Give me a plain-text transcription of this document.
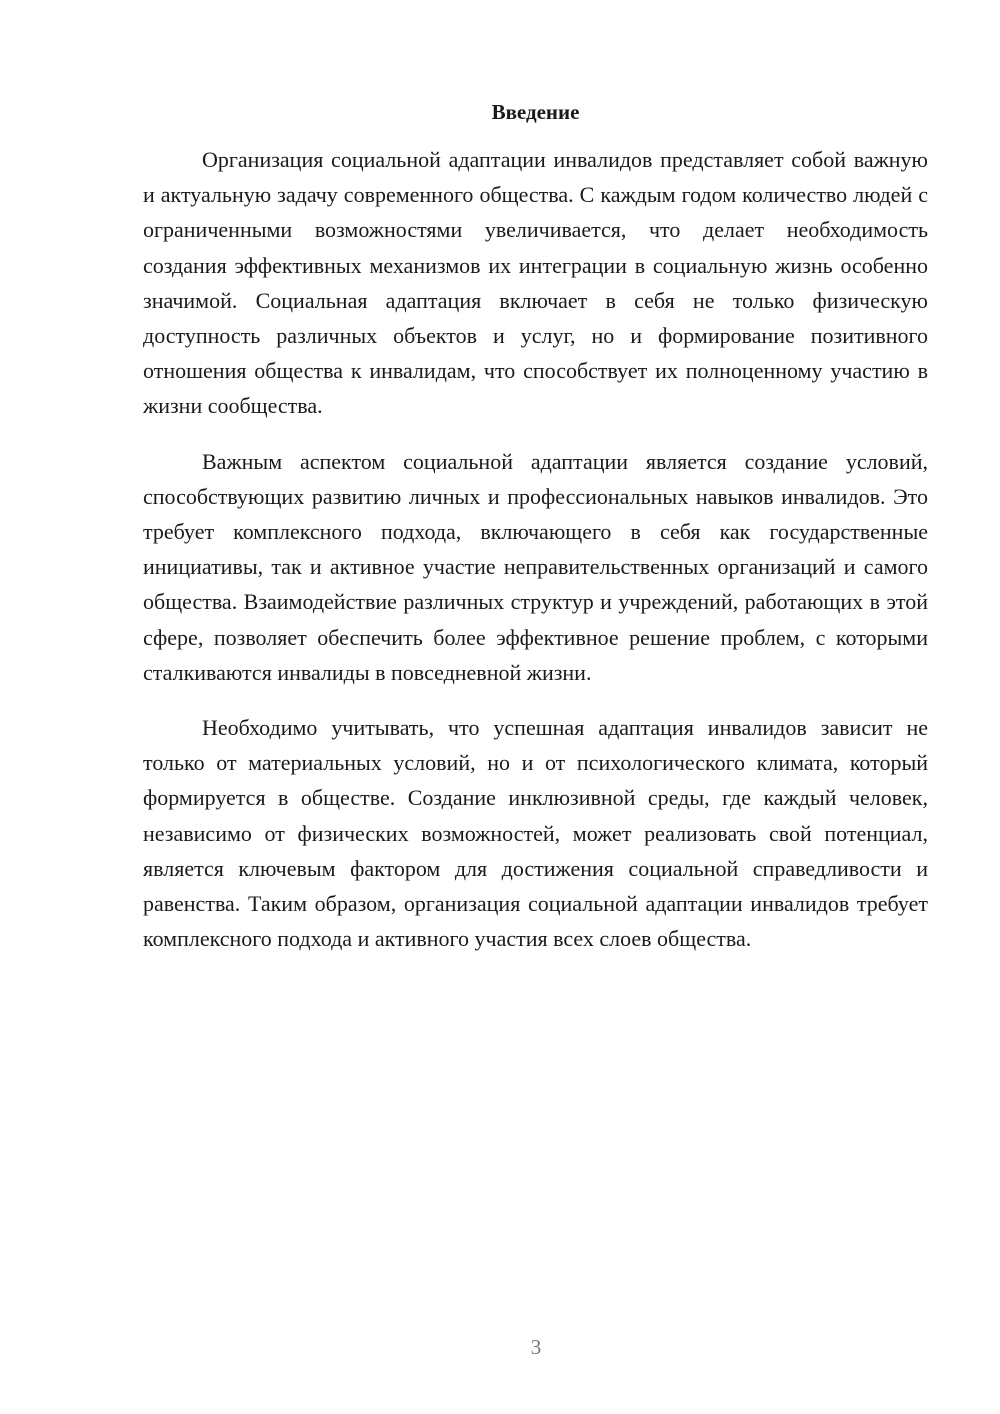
Введение

Организация социальной адаптации инвалидов представляет собой важную и актуальную задачу современного общества. С каждым годом количество людей с ограниченными возможностями увеличивается, что делает необходимость создания эффективных механизмов их интеграции в социальную жизнь особенно значимой. Социальная адаптация включает в себя не только физическую доступность различных объектов и услуг, но и формирование позитивного отношения общества к инвалидам, что способствует их полноценному участию в жизни сообщества.

Важным аспектом социальной адаптации является создание условий, способствующих развитию личных и профессиональных навыков инвалидов. Это требует комплексного подхода, включающего в себя как государственные инициативы, так и активное участие неправительственных организаций и самого общества. Взаимодействие различных структур и учреждений, работающих в этой сфере, позволяет обеспечить более эффективное решение проблем, с которыми сталкиваются инвалиды в повседневной жизни.

Необходимо учитывать, что успешная адаптация инвалидов зависит не только от материальных условий, но и от психологического климата, который формируется в обществе. Создание инклюзивной среды, где каждый человек, независимо от физических возможностей, может реализовать свой потенциал, является ключевым фактором для достижения социальной справедливости и равенства. Таким образом, организация социальной адаптации инвалидов требует комплексного подхода и активного участия всех слоев общества.

3
